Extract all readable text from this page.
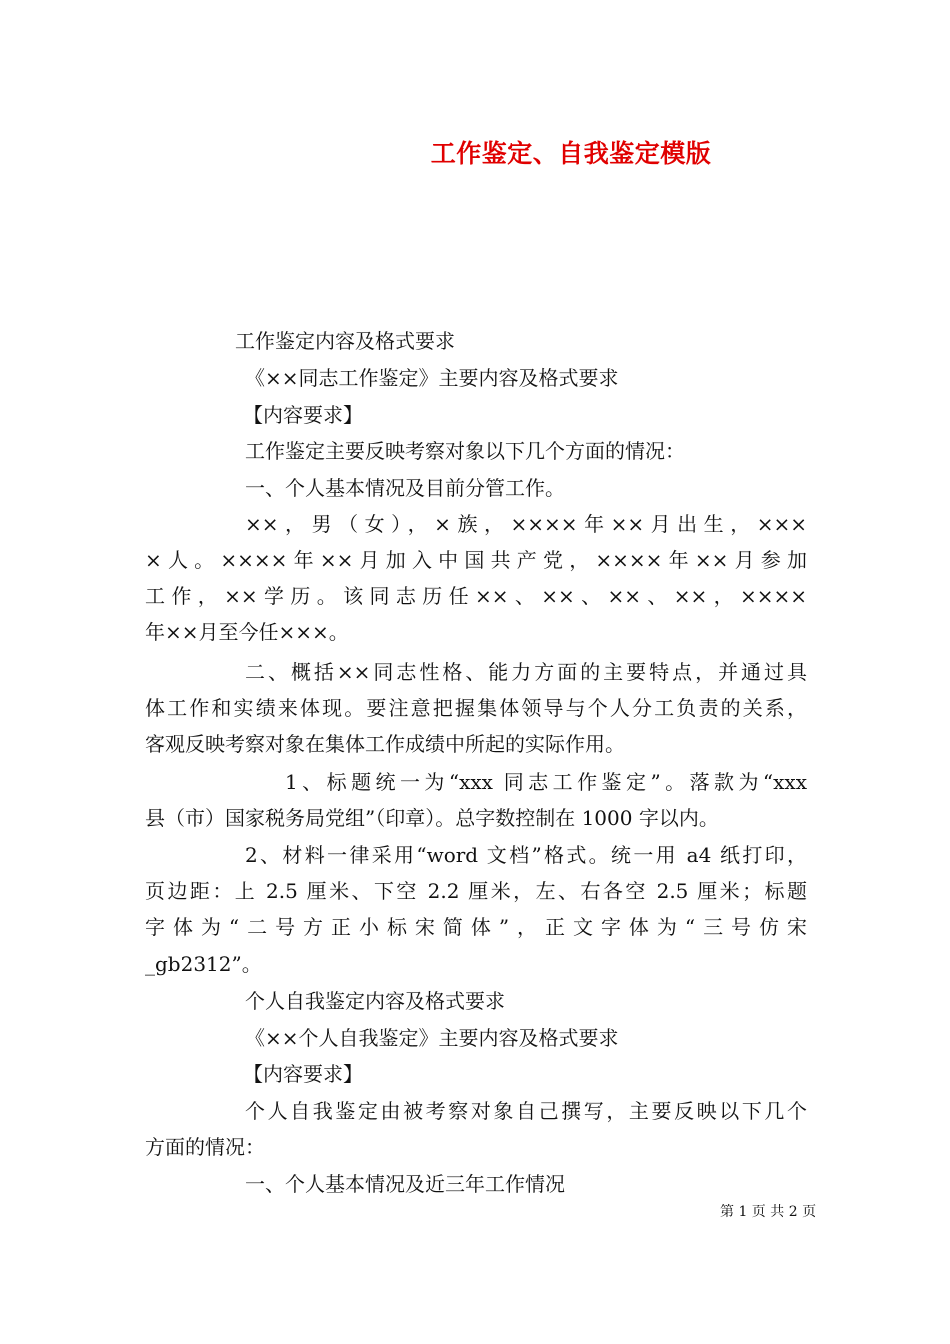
工作鉴定、自我鉴定模版
工作鉴定内容及格式要求
《××同志工作鉴定》主要内容及格式要求
【内容要求】
工作鉴定主要反映考察对象以下几个方面的情况：
一、个人基本情况及目前分管工作。
××，男（女），×族，××××年××月出生，×××
×人。××××年××月加入中国共产党，××××年××月参加
工作，××学历。该同志历任××、××、××、××，××××
年××月至今任×××。
二、概括××同志性格、能力方面的主要特点，并通过具
体工作和实绩来体现。要注意把握集体领导与个人分工负责的关系，
客观反映考察对象在集体工作成绩中所起的实际作用。
1、标题统一为“xxx 同志工作鉴定”。落款为“xxx
县（市）国家税务局党组”（印章）。总字数控制在 1000 字以内。
2、材料一律采用“word 文档”格式。统一用 a4 纸打印，
页边距：上 2.5 厘米、下空 2.2 厘米，左、右各空 2.5 厘米；标题
字体为“二号方正小标宋简体”，正文字体为“三号仿宋
_gb2312”。
个人自我鉴定内容及格式要求
《××个人自我鉴定》主要内容及格式要求
【内容要求】
个人自我鉴定由被考察对象自己撰写，主要反映以下几个
方面的情况：
一、个人基本情况及近三年工作情况
第 1 页 共 2 页
